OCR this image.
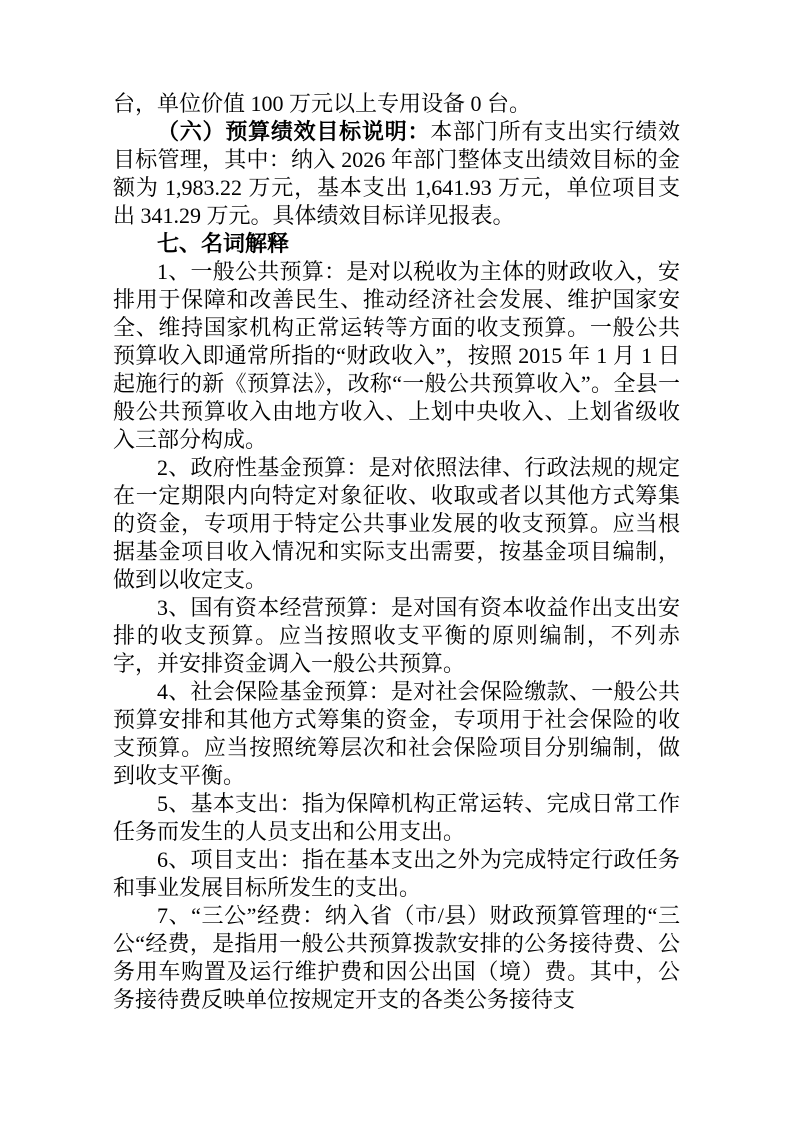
台，单位价值 100 万元以上专用设备 0 台。

（六）预算绩效目标说明：本部门所有支出实行绩效目标管理，其中：纳入 2026 年部门整体支出绩效目标的金额为 1,983.22 万元，基本支出 1,641.93 万元，单位项目支出 341.29 万元。具体绩效目标详见报表。

七、名词解释

1、一般公共预算：是对以税收为主体的财政收入，安排用于保障和改善民生、推动经济社会发展、维护国家安全、维持国家机构正常运转等方面的收支预算。一般公共预算收入即通常所指的“财政收入”，按照 2015 年 1 月 1 日起施行的新《预算法》，改称“一般公共预算收入”。全县一般公共预算收入由地方收入、上划中央收入、上划省级收入三部分构成。

2、政府性基金预算：是对依照法律、行政法规的规定在一定期限内向特定对象征收、收取或者以其他方式筹集的资金，专项用于特定公共事业发展的收支预算。应当根据基金项目收入情况和实际支出需要，按基金项目编制，做到以收定支。

3、国有资本经营预算：是对国有资本收益作出支出安排的收支预算。应当按照收支平衡的原则编制，不列赤字，并安排资金调入一般公共预算。

4、社会保险基金预算：是对社会保险缴款、一般公共预算安排和其他方式筹集的资金，专项用于社会保险的收支预算。应当按照统筹层次和社会保险项目分别编制，做到收支平衡。

5、基本支出：指为保障机构正常运转、完成日常工作任务而发生的人员支出和公用支出。

6、项目支出：指在基本支出之外为完成特定行政任务和事业发展目标所发生的支出。

7、“三公”经费：纳入省（市/县）财政预算管理的“三公“经费，是指用一般公共预算拨款安排的公务接待费、公务用车购置及运行维护费和因公出国（境）费。其中，公务接待费反映单位按规定开支的各类公务接待支
